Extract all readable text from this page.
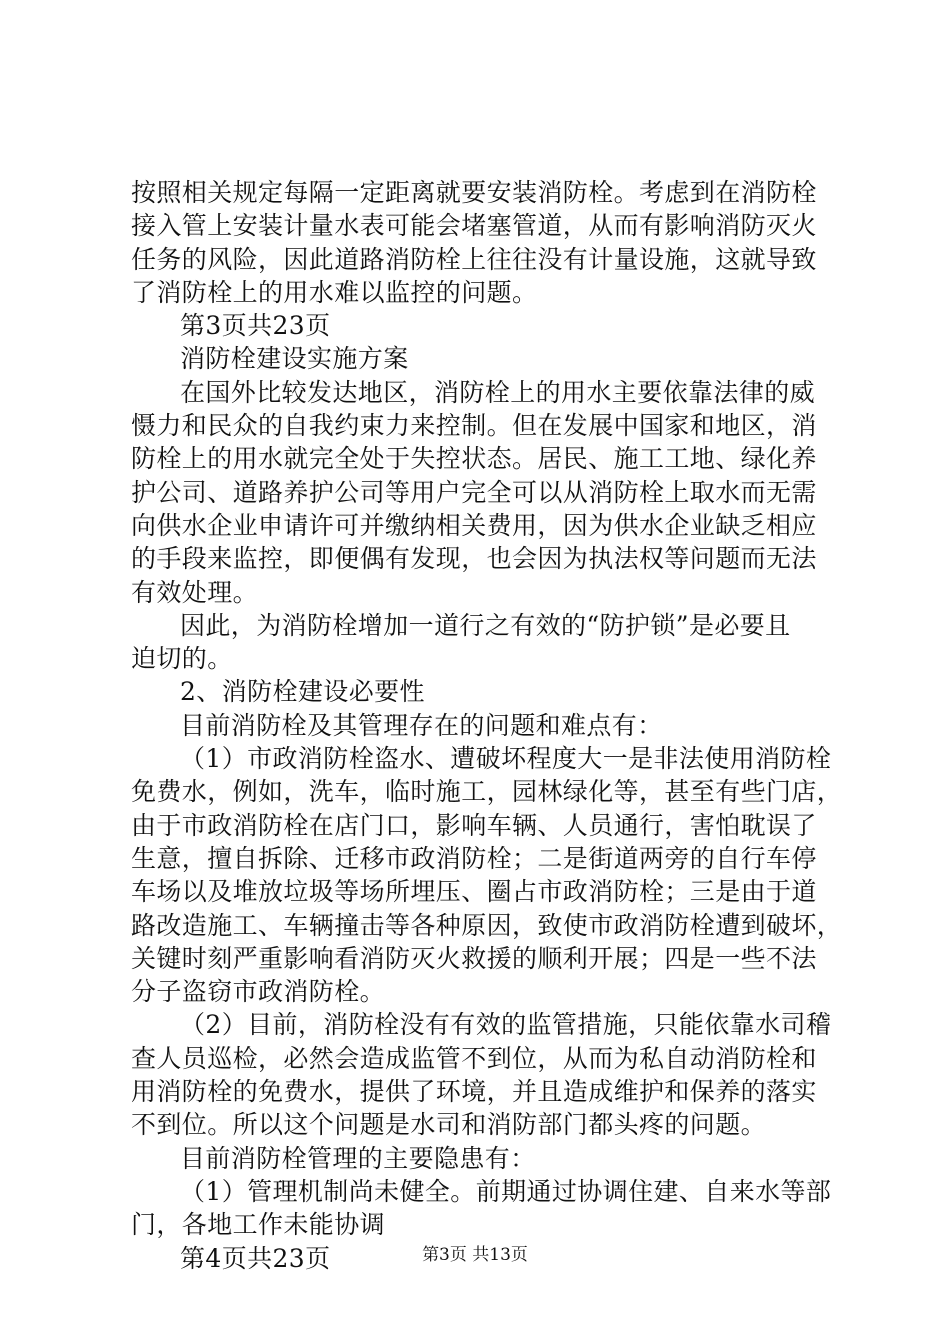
按照相关规定每隔一定距离就要安装消防栓。考虑到在消防栓
接入管上安装计量水表可能会堵塞管道，从而有影响消防灭火
任务的风险，因此道路消防栓上往往没有计量设施，这就导致
了消防栓上的用水难以监控的问题。
第3页共23页
消防栓建设实施方案
在国外比较发达地区，消防栓上的用水主要依靠法律的威
慑力和民众的自我约束力来控制。但在发展中国家和地区，消
防栓上的用水就完全处于失控状态。居民、施工工地、绿化养
护公司、道路养护公司等用户完全可以从消防栓上取水而无需
向供水企业申请许可并缴纳相关费用，因为供水企业缺乏相应
的手段来监控，即便偶有发现，也会因为执法权等问题而无法
有效处理。
因此，为消防栓增加一道行之有效的“防护锁”是必要且
迫切的。
2、消防栓建设必要性
目前消防栓及其管理存在的问题和难点有：
（1）市政消防栓盗水、遭破坏程度大一是非法使用消防栓
免费水，例如，洗车，临时施工，园林绿化等，甚至有些门店，
由于市政消防栓在店门口，影响车辆、人员通行，害怕耽误了
生意，擅自拆除、迁移市政消防栓；二是街道两旁的自行车停
车场以及堆放垃圾等场所埋压、圈占市政消防栓；三是由于道
路改造施工、车辆撞击等各种原因，致使市政消防栓遭到破坏，
关键时刻严重影响看消防灭火救援的顺利开展；四是一些不法
分子盗窃市政消防栓。
（2）目前，消防栓没有有效的监管措施，只能依靠水司稽
查人员巡检，必然会造成监管不到位，从而为私自动消防栓和
用消防栓的免费水，提供了环境，并且造成维护和保养的落实
不到位。所以这个问题是水司和消防部门都头疼的问题。
目前消防栓管理的主要隐患有：
（1）管理机制尚未健全。前期通过协调住建、自来水等部
门，各地工作未能协调
第4页共23页	第3页 共13页
